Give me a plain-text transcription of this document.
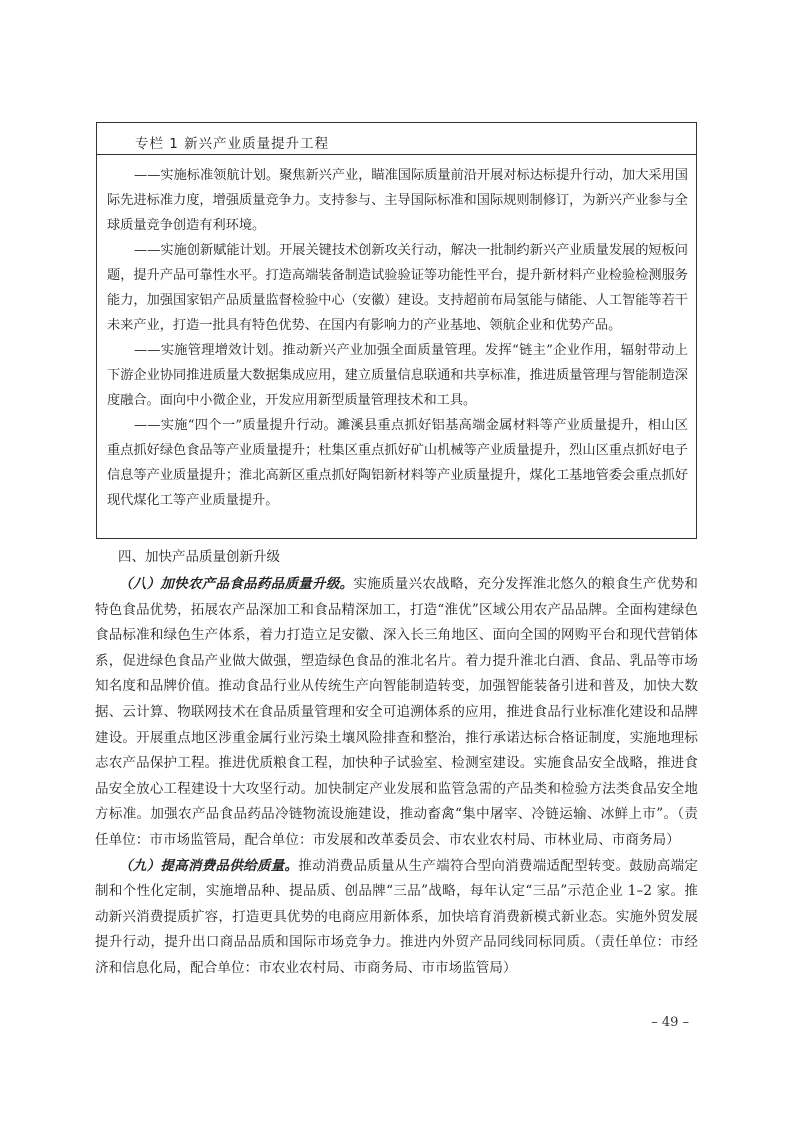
专栏 1 新兴产业质量提升工程

——实施标准领航计划。聚焦新兴产业，瞄准国际质量前沿开展对标达标提升行动，加大采用国际先进标准力度，增强质量竞争力。支持参与、主导国际标准和国际规则制修订，为新兴产业参与全球质量竞争创造有利环境。

——实施创新赋能计划。开展关键技术创新攻关行动，解决一批制约新兴产业质量发展的短板问题，提升产品可靠性水平。打造高端装备制造试验验证等功能性平台，提升新材料产业检验检测服务能力，加强国家铝产品质量监督检验中心（安徽）建设。支持超前布局氢能与储能、人工智能等若干未来产业，打造一批具有特色优势、在国内有影响力的产业基地、领航企业和优势产品。

——实施管理增效计划。推动新兴产业加强全面质量管理。发挥“链主”企业作用，辐射带动上下游企业协同推进质量大数据集成应用，建立质量信息联通和共享标准，推进质量管理与智能制造深度融合。面向中小微企业，开发应用新型质量管理技术和工具。

——实施“四个一”质量提升行动。濉溪县重点抓好铝基高端金属材料等产业质量提升，相山区重点抓好绿色食品等产业质量提升；杜集区重点抓好矿山机械等产业质量提升，烈山区重点抓好电子信息等产业质量提升；淮北高新区重点抓好陶铝新材料等产业质量提升，煤化工基地管委会重点抓好现代煤化工等产业质量提升。

四、加快产品质量创新升级

（八）加快农产品食品药品质量升级。实施质量兴农战略，充分发挥淮北悠久的粮食生产优势和特色食品优势，拓展农产品深加工和食品精深加工，打造“淮优”区域公用农产品品牌。全面构建绿色食品标准和绿色生产体系，着力打造立足安徽、深入长三角地区、面向全国的网购平台和现代营销体系，促进绿色食品产业做大做强，塑造绿色食品的淮北名片。着力提升淮北白酒、食品、乳品等市场知名度和品牌价值。推动食品行业从传统生产向智能制造转变，加强智能装备引进和普及，加快大数据、云计算、物联网技术在食品质量管理和安全可追溯体系的应用，推进食品行业标准化建设和品牌建设。开展重点地区涉重金属行业污染土壤风险排查和整治，推行承诺达标合格证制度，实施地理标志农产品保护工程。推进优质粮食工程，加快种子试验室、检测室建设。实施食品安全战略，推进食品安全放心工程建设十大攻坚行动。加快制定产业发展和监管急需的产品类和检验方法类食品安全地方标准。加强农产品食品药品冷链物流设施建设，推动畜禽“集中屠宰、冷链运输、冰鲜上市”。（责任单位：市市场监管局，配合单位：市发展和改革委员会、市农业农村局、市林业局、市商务局）

（九）提高消费品供给质量。推动消费品质量从生产端符合型向消费端适配型转变。鼓励高端定制和个性化定制，实施增品种、提品质、创品牌“三品”战略，每年认定“三品”示范企业 1–2 家。推动新兴消费提质扩容，打造更具优势的电商应用新体系，加快培育消费新模式新业态。实施外贸发展提升行动，提升出口商品品质和国际市场竞争力。推进内外贸产品同线同标同质。（责任单位：市经济和信息化局，配合单位：市农业农村局、市商务局、市市场监管局）

– 49 –
